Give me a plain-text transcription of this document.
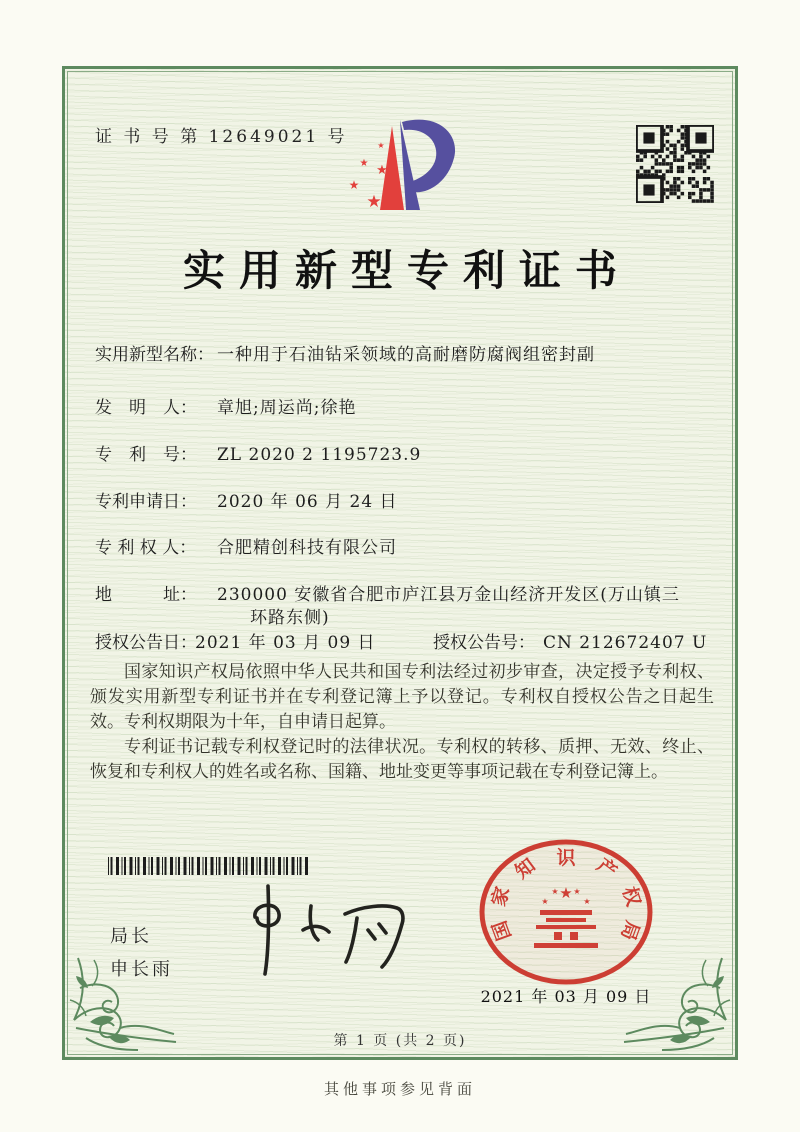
证 书 号 第 12649021 号
★
★
★
★
★
实用新型专利证书
实用新型名称： 一种用于石油钻采领域的高耐磨防腐阀组密封副
发　明　人： 章旭;周运尚;徐艳
专　利　号： ZL 2020 2 1195723.9
专利申请日： 2020 年 06 月 24 日
专 利 权 人： 合肥精创科技有限公司
地　　　址： 230000 安徽省合肥市庐江县万金山经济开发区(万山镇三
环路东侧)
授权公告日：2021 年 03 月 09 日	授权公告号： CN 212672407 U

国家知识产权局依照中华人民共和国专利法经过初步审查，决定授予专利权、颁发实用新型专利证书并在专利登记簿上予以登记。专利权自授权公告之日起生效。专利权期限为十年，自申请日起算。

专利证书记载专利权登记时的法律状况。专利权的转移、质押、无效、终止、恢复和专利权人的姓名或名称、国籍、地址变更等事项记载在专利登记簿上。

局长
申长雨
国
家
知 识 产
权
局
★
★
★ ★
★
2021 年 03 月 09 日
第 1 页 (共 2 页)
其他事项参见背面
